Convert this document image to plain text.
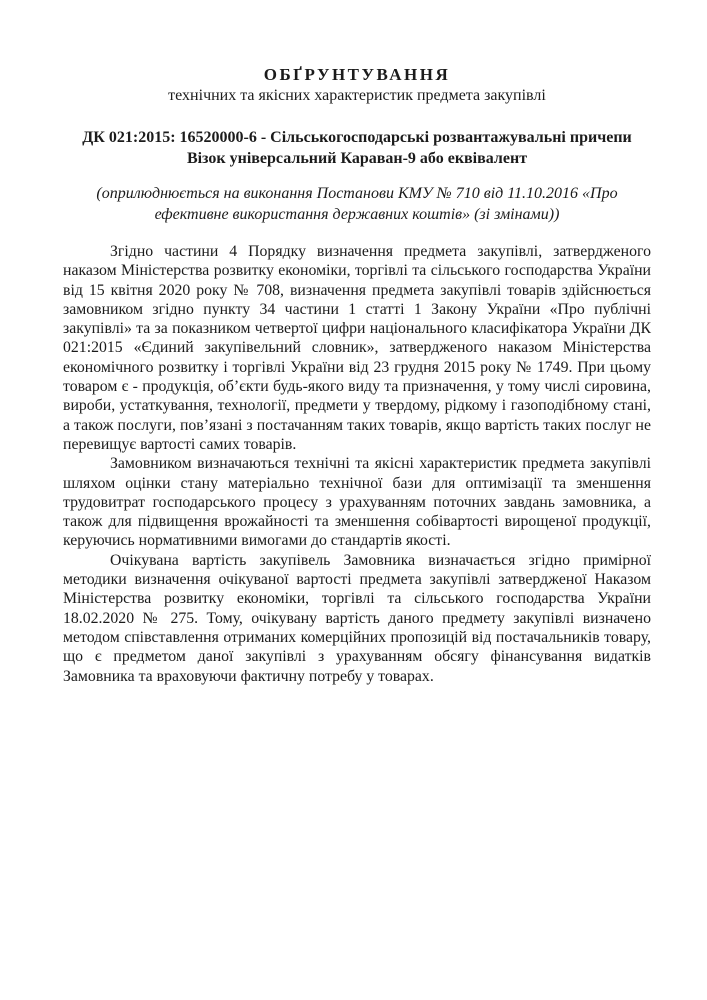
ОБҐРУНТУВАННЯ

технічних та якісних характеристик предмета закупівлі

ДК 021:2015: 16520000-6 - Сільськогосподарські розвантажувальні причепи

Візок універсальний Караван-9 або еквівалент

(оприлюднюється на виконання Постанови КМУ № 710 від 11.10.2016 «Про ефективне використання державних коштів» (зі змінами))

Згідно частини 4 Порядку визначення предмета закупівлі, затвердженого наказом Міністерства розвитку економіки, торгівлі та сільського господарства України від 15 квітня 2020 року № 708, визначення предмета закупівлі товарів здійснюється замовником згідно пункту 34 частини 1 статті 1 Закону України «Про публічні закупівлі» та за показником четвертої цифри національного класифікатора України ДК 021:2015 «Єдиний закупівельний словник», затвердженого наказом Міністерства економічного розвитку і торгівлі України від 23 грудня 2015 року № 1749. При цьому товаром є - продукція, об’єкти будь-якого виду та призначення, у тому числі сировина, вироби, устаткування, технології, предмети у твердому, рідкому і газоподібному стані, а також послуги, пов’язані з постачанням таких товарів, якщо вартість таких послуг не перевищує вартості самих товарів.

Замовником визначаються технічні та якісні характеристик предмета закупівлі шляхом оцінки стану матеріально технічної бази для оптимізації та зменшення трудовитрат господарського процесу з урахуванням поточних завдань замовника, а також для підвищення врожайності та зменшення собівартості вирощеної продукції, керуючись нормативними вимогами до стандартів якості.

Очікувана вартість закупівель Замовника визначається згідно примірної методики визначення очікуваної вартості предмета закупівлі затвердженої Наказом Міністерства розвитку економіки, торгівлі та сільського господарства України 18.02.2020 № 275. Тому, очікувану вартість даного предмету закупівлі визначено методом співставлення отриманих комерційних пропозицій від постачальників товару, що є предметом даної закупівлі з урахуванням обсягу фінансування видатків Замовника та враховуючи фактичну потребу у товарах.
